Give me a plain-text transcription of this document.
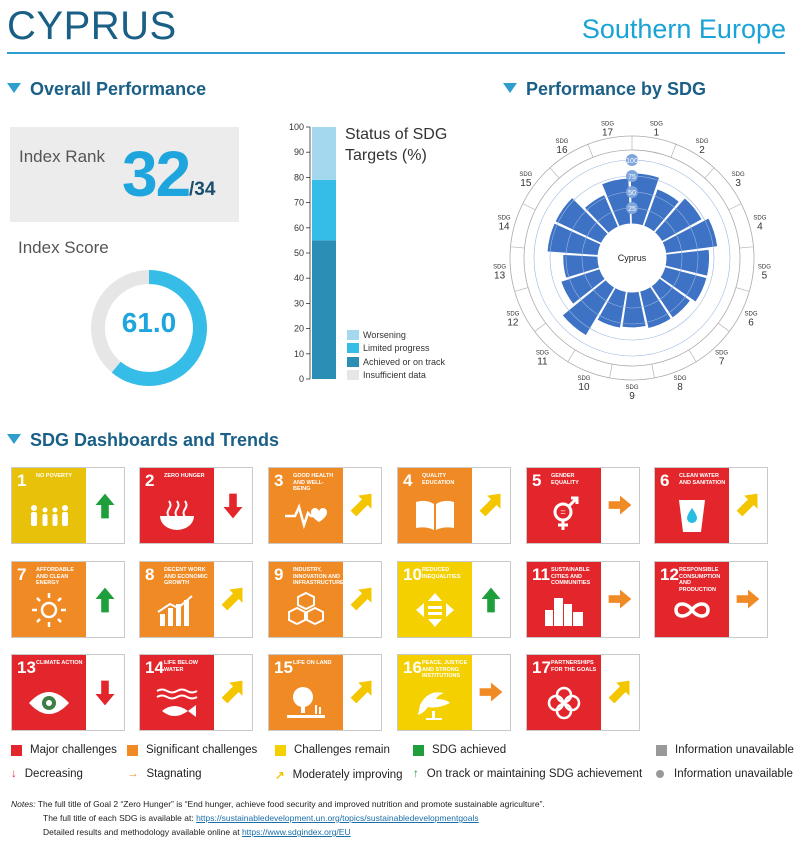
CYPRUS	Southern Europe
Overall Performance	Performance by SDG
SDG Dashboards and Trends
Index Rank 32 /34
Index Score
61.0
100
90
80
70
60
50
40
30
20
10
0
Status of SDG Targets (%)
Worsening
Limited progress
Achieved or on track
Insufficient data
25
50
75
100
Cyprus
SDG
1
SDG
2
SDG
3
SDG
4
SDG
5
SDG
6
SDG
7
SDG
8
SDG
9
SDG
10
SDG
11
SDG
12
SDG
13
SDG
14
SDG
15
SDG
16
SDG
17
1 NO POVERTY	2 ZERO HUNGER	3 GOOD HEALTH AND WELL-BEING	4 QUALITY EDUCATION	5 GENDER EQUALITY
=
6 CLEAN WATER AND SANITATION
7 AFFORDABLE AND CLEAN ENERGY	8 DECENT WORK AND ECONOMIC GROWTH	9 INDUSTRY, INNOVATION AND INFRASTRUCTURE	10 REDUCED INEQUALITIES	11 SUSTAINABLE CITIES AND COMMUNITIES	12 RESPONSIBLE CONSUMPTION AND PRODUCTION
13 CLIMATE ACTION	14 LIFE BELOW WATER	15 LIFE ON LAND	16 PEACE, JUSTICE AND STRONG INSTITUTIONS	17 PARTNERSHIPS FOR THE GOALS
Major challenges	Significant challenges	Challenges remain	SDG achieved	Information unavailable
↓ Decreasing	→ Stagnating	↗ Moderately improving ↑ On track or maintaining SDG achievement	Information unavailable
Notes: The full title of Goal 2 “Zero Hunger” is “End hunger, achieve food security and improved nutrition and promote sustainable agriculture”.
The full title of each SDG is available at: https://sustainabledevelopment.un.org/topics/sustainabledevelopmentgoals
Detailed results and methodology available online at https://www.sdgindex.org/EU
